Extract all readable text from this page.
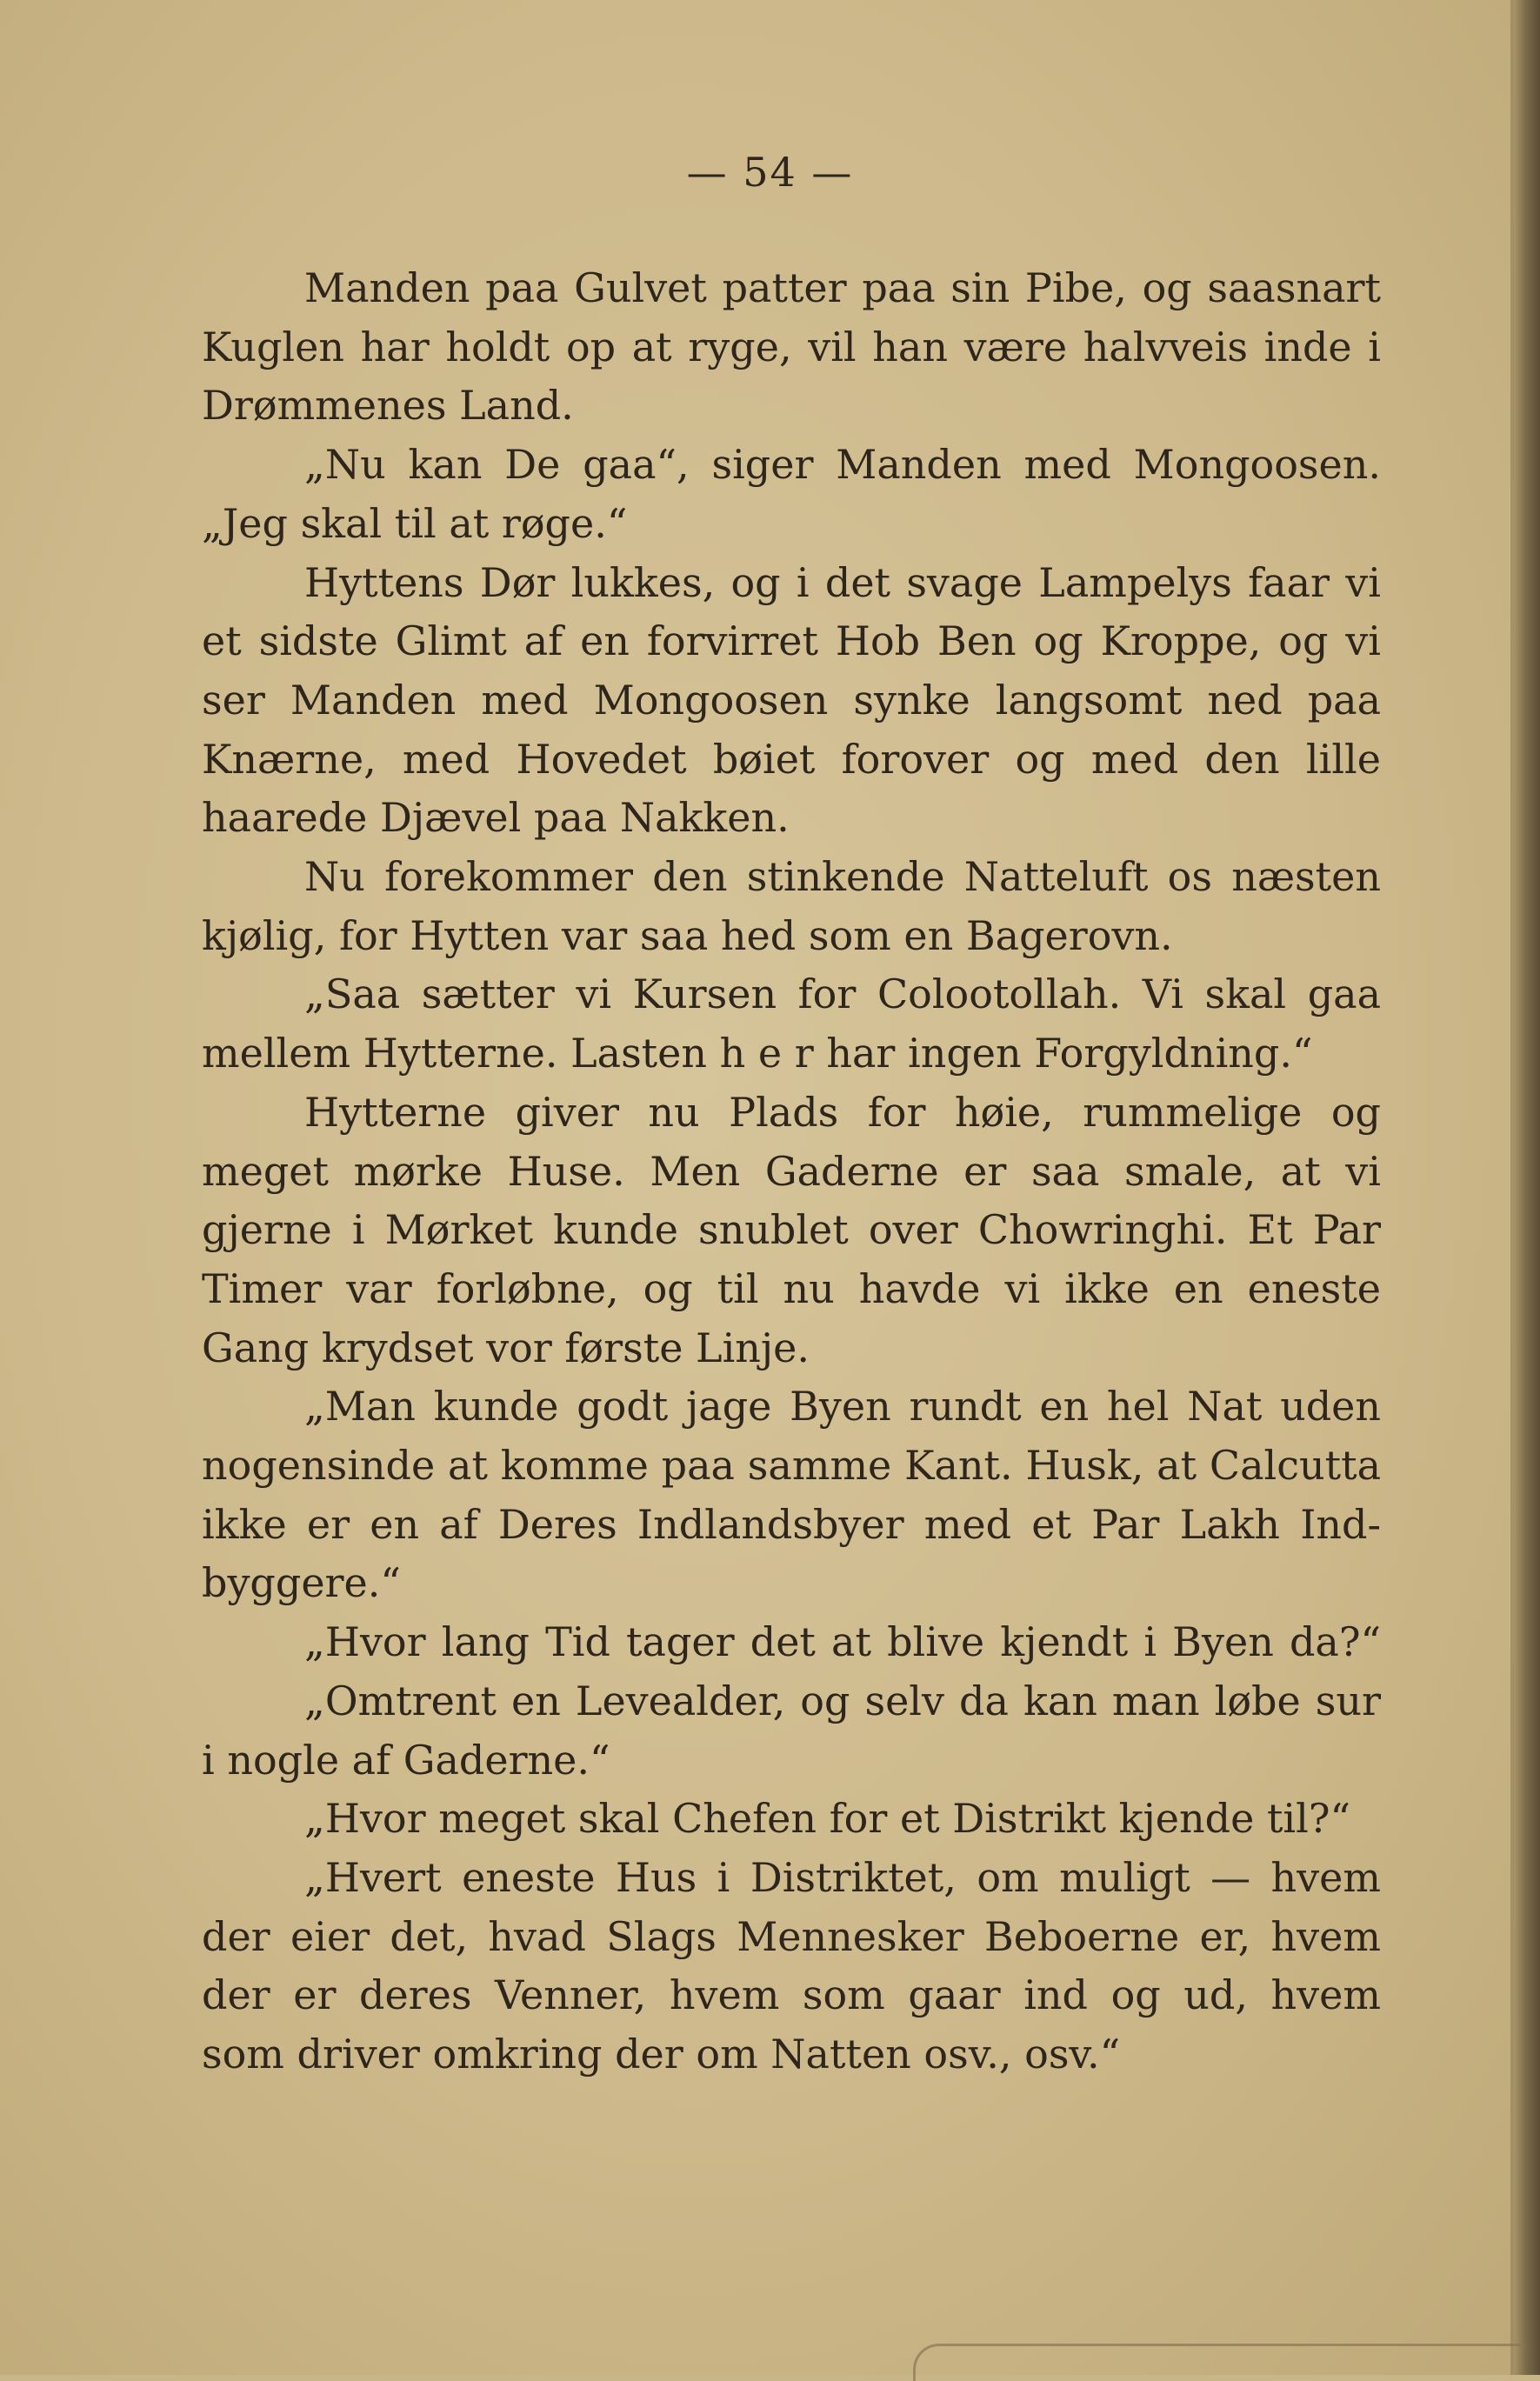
— 54 —
Manden paa Gulvet patter paa sin Pibe, og saasnart
Kuglen har holdt op at ryge, vil han være halvveis inde i
Drømmenes Land.
„Nu kan De gaa“, siger Manden med Mongoosen.
„Jeg skal til at røge.“
Hyttens Dør lukkes, og i det svage Lampelys faar vi
et sidste Glimt af en forvirret Hob Ben og Kroppe, og vi
ser Manden med Mongoosen synke langsomt ned paa
Knærne, med Hovedet bøiet forover og med den lille
haarede Djævel paa Nakken.
Nu forekommer den stinkende Natteluft os næsten
kjølig, for Hytten var saa hed som en Bagerovn.
„Saa sætter vi Kursen for Colootollah. Vi skal gaa
mellem Hytterne. Lasten h e r har ingen Forgyldning.“
Hytterne giver nu Plads for høie, rummelige og
meget mørke Huse. Men Gaderne er saa smale, at vi
gjerne i Mørket kunde snublet over Chowringhi. Et Par
Timer var forløbne, og til nu havde vi ikke en eneste
Gang krydset vor første Linje.
„Man kunde godt jage Byen rundt en hel Nat uden
nogensinde at komme paa samme Kant. Husk, at Calcutta
ikke er en af Deres Indlandsbyer med et Par Lakh Ind-
byggere.“
„Hvor lang Tid tager det at blive kjendt i Byen da?“
„Omtrent en Levealder, og selv da kan man løbe sur
i nogle af Gaderne.“
„Hvor meget skal Chefen for et Distrikt kjende til?“
„Hvert eneste Hus i Distriktet, om muligt — hvem
der eier det, hvad Slags Mennesker Beboerne er, hvem
der er deres Venner, hvem som gaar ind og ud, hvem
som driver omkring der om Natten osv., osv.“
